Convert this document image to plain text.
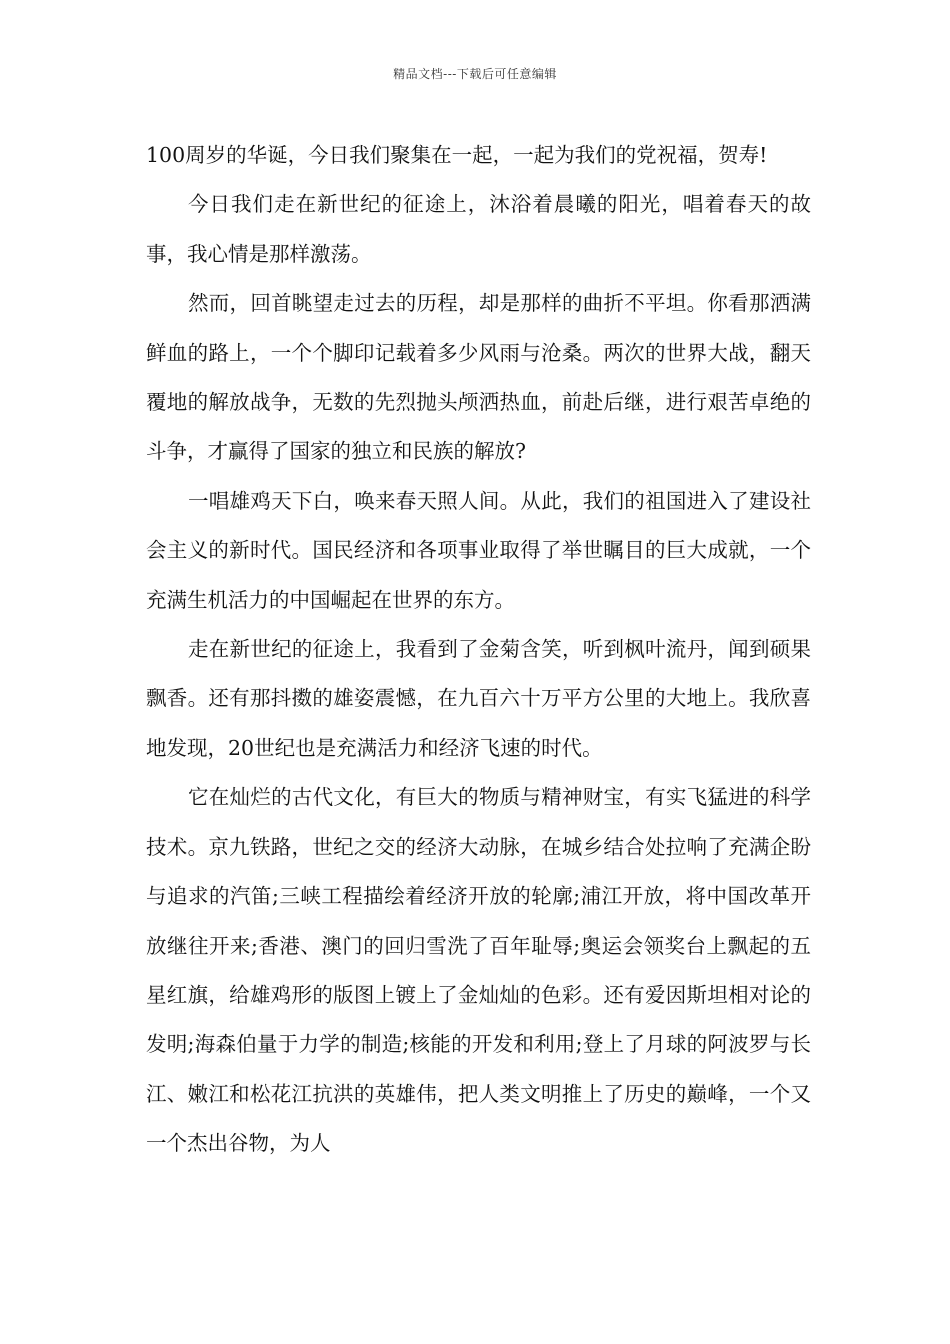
精品文档---下载后可任意编辑

100周岁的华诞，今日我们聚集在一起，一起为我们的党祝福，贺寿!

今日我们走在新世纪的征途上，沐浴着晨曦的阳光，唱着春天的故事，我心情是那样激荡。

然而，回首眺望走过去的历程，却是那样的曲折不平坦。你看那洒满鲜血的路上，一个个脚印记载着多少风雨与沧桑。两次的世界大战，翻天覆地的解放战争，无数的先烈抛头颅洒热血，前赴后继，进行艰苦卓绝的斗争，才赢得了国家的独立和民族的解放?

一唱雄鸡天下白，唤来春天照人间。从此，我们的祖国进入了建设社会主义的新时代。国民经济和各项事业取得了举世瞩目的巨大成就，一个充满生机活力的中国崛起在世界的东方。

走在新世纪的征途上，我看到了金菊含笑，听到枫叶流丹，闻到硕果飘香。还有那抖擞的雄姿震憾，在九百六十万平方公里的大地上。我欣喜地发现，20世纪也是充满活力和经济飞速的时代。

它在灿烂的古代文化，有巨大的物质与精神财宝，有实飞猛进的科学技术。京九铁路，世纪之交的经济大动脉，在城乡结合处拉响了充满企盼与追求的汽笛;三峡工程描绘着经济开放的轮廓;浦江开放，将中国改革开放继往开来;香港、澳门的回归雪洗了百年耻辱;奥运会领奖台上飘起的五星红旗，给雄鸡形的版图上镀上了金灿灿的色彩。还有爱因斯坦相对论的发明;海森伯量于力学的制造;核能的开发和利用;登上了月球的阿波罗与长江、嫩江和松花江抗洪的英雄伟，把人类文明推上了历史的巅峰，一个又一个杰出谷物，为人
